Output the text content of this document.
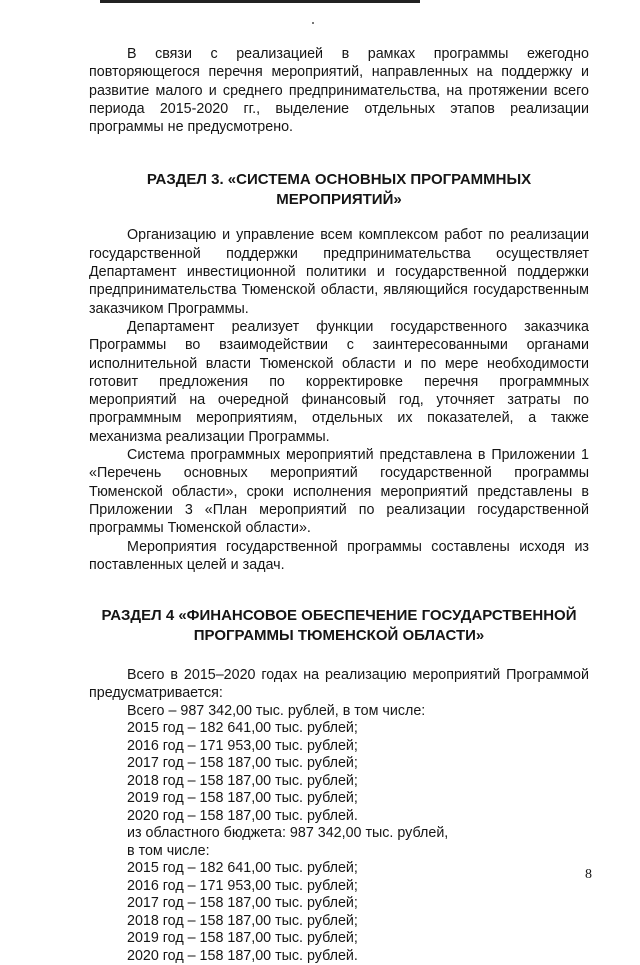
В связи с реализацией в рамках программы ежегодно повторяющегося перечня мероприятий, направленных на поддержку и развитие малого и среднего предпринимательства, на протяжении всего периода 2015-2020 гг., выделение отдельных этапов реализации программы не предусмотрено.

РАЗДЕЛ 3. «СИСТЕМА ОСНОВНЫХ ПРОГРАММНЫХ МЕРОПРИЯТИЙ»

Организацию и управление всем комплексом работ по реализации государственной поддержки предпринимательства осуществляет Департамент инвестиционной политики и государственной поддержки предпринимательства Тюменской области, являющийся государственным заказчиком Программы.

Департамент реализует функции государственного заказчика Программы во взаимодействии с заинтересованными органами исполнительной власти Тюменской области и по мере необходимости готовит предложения по корректировке перечня программных мероприятий на очередной финансовый год, уточняет затраты по программным мероприятиям, отдельных их показателей, а также механизма реализации Программы.

Система программных мероприятий представлена в Приложении 1 «Перечень основных мероприятий государственной программы Тюменской области», сроки исполнения мероприятий представлены в Приложении 3 «План мероприятий по реализации государственной программы Тюменской области».

Мероприятия государственной программы составлены исходя из поставленных целей и задач.

РАЗДЕЛ 4 «ФИНАНСОВОЕ ОБЕСПЕЧЕНИЕ ГОСУДАРСТВЕННОЙ
ПРОГРАММЫ ТЮМЕНСКОЙ ОБЛАСТИ»

Всего в 2015–2020 годах на реализацию мероприятий Программой предусматривается:

Всего – 987 342,00 тыс. рублей, в том числе:
2015 год – 182 641,00 тыс. рублей;
2016 год – 171 953,00 тыс. рублей;
2017 год – 158 187,00 тыс. рублей;
2018 год – 158 187,00 тыс. рублей;
2019 год – 158 187,00 тыс. рублей;
2020 год – 158 187,00 тыс. рублей.
из областного бюджета: 987 342,00 тыс. рублей,
в том числе:
2015 год – 182 641,00 тыс. рублей;
2016 год – 171 953,00 тыс. рублей;
2017 год – 158 187,00 тыс. рублей;
2018 год – 158 187,00 тыс. рублей;
2019 год – 158 187,00 тыс. рублей;
2020 год – 158 187,00 тыс. рублей.
8
